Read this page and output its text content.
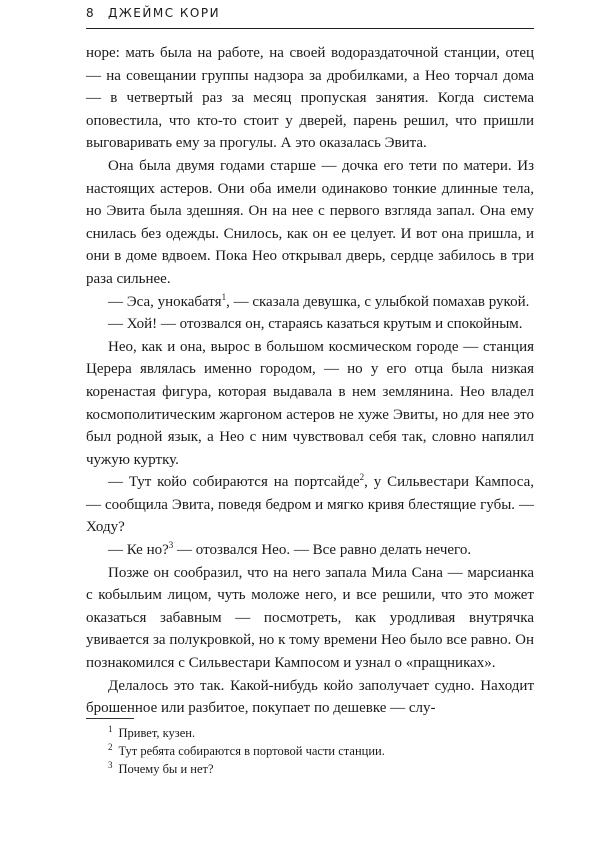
8 ДЖЕЙМС КОРИ

норе: мать была на работе, на своей водораздаточной станции, отец — на совещании группы надзора за дробилками, а Нео торчал дома — в четвертый раз за месяц пропуская занятия. Когда система оповестила, что кто-то стоит у дверей, парень решил, что пришли выговаривать ему за прогулы. А это оказалась Эвита.

Она была двумя годами старше — дочка его тети по матери. Из настоящих астеров. Они оба имели одинаково тонкие длинные тела, но Эвита была здешняя. Он на нее с первого взгляда запал. Она ему снилась без одежды. Снилось, как он ее целует. И вот она пришла, и они в доме вдвоем. Пока Нео открывал дверь, сердце забилось в три раза сильнее.

— Эса, унокабатя$^1$, — сказала девушка, с улыбкой помахав рукой.

— Хой! — отозвался он, стараясь казаться крутым и спокойным.

Нео, как и она, вырос в большом космическом городе — станция Церера являлась именно городом, — но у его отца была низкая коренастая фигура, которая выдавала в нем землянина. Нео владел космополитическим жаргоном астеров не хуже Эвиты, но для нее это был родной язык, а Нео с ним чувствовал себя так, словно напялил чужую куртку.

— Тут койо собираются на портсайде$^2$, у Сильвестари Кампоса, — сообщила Эвита, поведя бедром и мягко кривя блестящие губы. — Ходу?

— Ке но?$^3$ — отозвался Нео. — Все равно делать нечего.

Позже он сообразил, что на него запала Мила Сана — марсианка с кобыльим лицом, чуть моложе него, и все решили, что это может оказаться забавным — посмотреть, как уродливая внутрячка увивается за полукровкой, но к тому времени Нео было все равно. Он познакомился с Сильвестари Кампосом и узнал о «пращниках».

Делалось это так. Какой-нибудь койо заполучает судно. Находит брошенное или разбитое, покупает по дешевке — слу-

$^1$ Привет, кузен.

$^2$ Тут ребята собираются в портовой части станции.

$^3$ Почему бы и нет?
